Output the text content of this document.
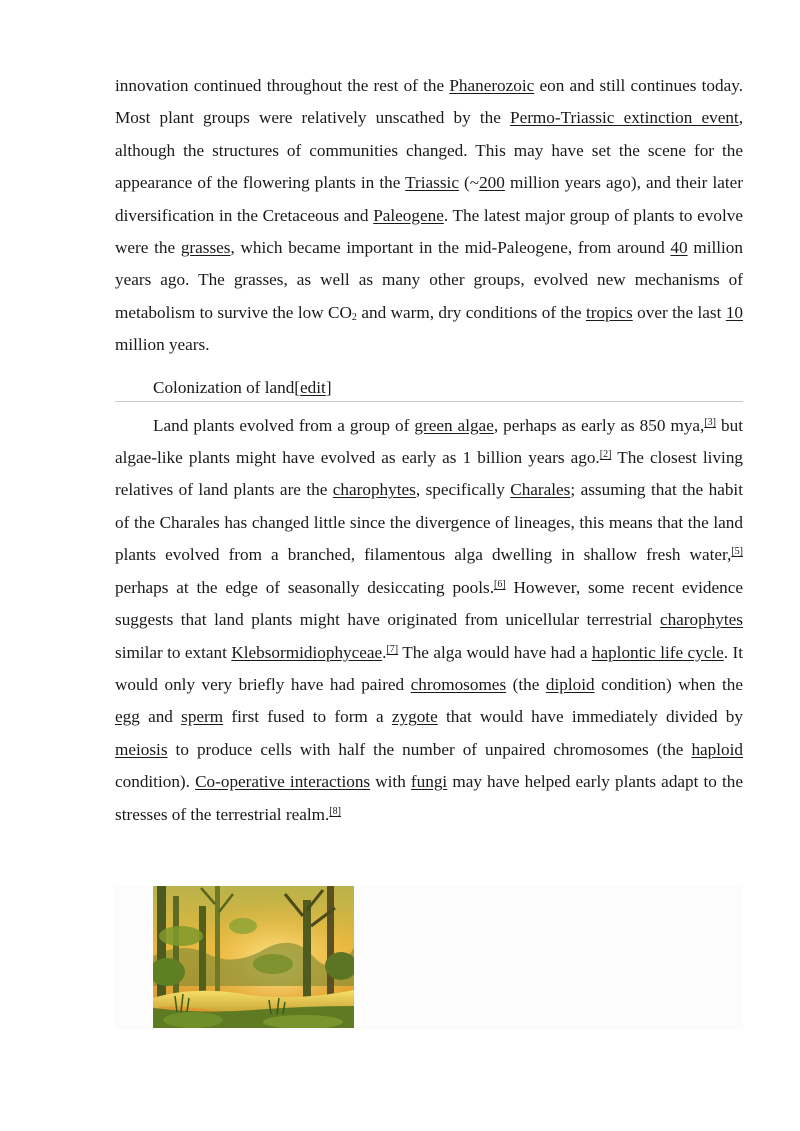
innovation continued throughout the rest of the Phanerozoic eon and still continues today. Most plant groups were relatively unscathed by the Permo-Triassic extinction event, although the structures of communities changed. This may have set the scene for the appearance of the flowering plants in the Triassic (~200 million years ago), and their later diversification in the Cretaceous and Paleogene. The latest major group of plants to evolve were the grasses, which became important in the mid-Paleogene, from around 40 million years ago. The grasses, as well as many other groups, evolved new mechanisms of metabolism to survive the low $CO_2$ and warm, dry conditions of the tropics over the last 10 million years.

Colonization of land[edit]

Land plants evolved from a group of green algae, perhaps as early as 850 mya,[3] but algae-like plants might have evolved as early as 1 billion years ago.[2] The closest living relatives of land plants are the charophytes, specifically Charales; assuming that the habit of the Charales has changed little since the divergence of lineages, this means that the land plants evolved from a branched, filamentous alga dwelling in shallow fresh water,[5] perhaps at the edge of seasonally desiccating pools.[6] However, some recent evidence suggests that land plants might have originated from unicellular terrestrial charophytes similar to extant Klebsormidiophyceae.[7] The alga would have had a haplontic life cycle. It would only very briefly have had paired chromosomes (the diploid condition) when the egg and sperm first fused to form a zygote that would have immediately divided by meiosis to produce cells with half the number of unpaired chromosomes (the haploid condition). Co-operative interactions with fungi may have helped early plants adapt to the stresses of the terrestrial realm.[8]
